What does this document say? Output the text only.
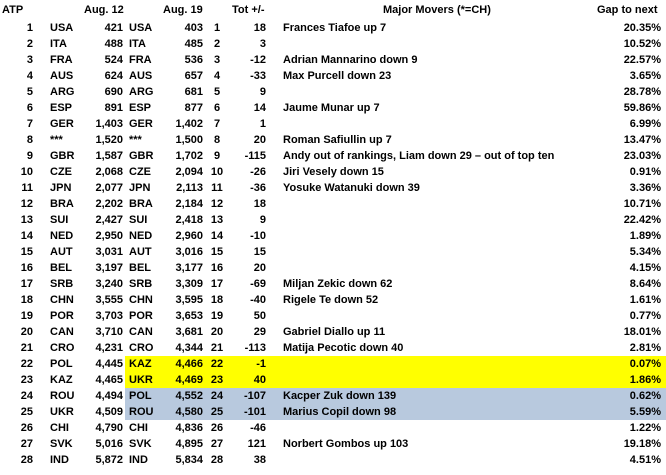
ATP	Aug. 12	Aug. 19	Tot +/-	Major Movers (*=CH)	Gap to next
1 USA	421 USA	403 1	18 Frances Tiafoe up 7	20.35%
2 ITA	488 ITA	485 2	3	10.52%
3 FRA	524 FRA	536 3	-12 Adrian Mannarino down 9	22.57%
4 AUS	624 AUS	657 4	-33 Max Purcell down 23	3.65%
5 ARG	690 ARG	681 5	9	28.78%
6 ESP	891 ESP	877 6	14 Jaume Munar up 7	59.86%
7 GER	1,403 GER	1,402 7	1	6.99%
8 ***	1,520 ***	1,500 8	20 Roman Safiullin up 7	13.47%
9 GBR	1,587 GBR	1,702 9	-115 Andy out of rankings, Liam down 29 – out of top ten	23.03%
10 CZE	2,068 CZE	2,094 10	-26 Jiri Vesely down 15	0.91%
11 JPN	2,077 JPN	2,113 11	-36 Yosuke Watanuki down 39	3.36%
12 BRA	2,202 BRA	2,184 12	18	10.71%
13 SUI	2,427 SUI	2,418 13	9	22.42%
14 NED	2,950 NED	2,960 14	-10	1.89%
15 AUT	3,031 AUT	3,016 15	15	5.34%
16 BEL	3,197 BEL	3,177 16	20	4.15%
17 SRB	3,240 SRB	3,309 17	-69 Miljan Zekic down 62	8.64%
18 CHN	3,555 CHN	3,595 18	-40 Rigele Te down 52	1.61%
19 POR	3,703 POR	3,653 19	50	0.77%
20 CAN	3,710 CAN	3,681 20	29 Gabriel Diallo up 11	18.01%
21 CRO	4,231 CRO	4,344 21	-113 Matija Pecotic down 40	2.81%
22 POL	4,445 KAZ	4,466 22	-1	0.07%
23 KAZ	4,465 UKR	4,469 23	40	1.86%
24 ROU	4,494 POL	4,552 24	-107 Kacper Zuk down 139	0.62%
25 UKR	4,509 ROU	4,580 25	-101 Marius Copil down 98	5.59%
26 CHI	4,790 CHI	4,836 26	-46	1.22%
27 SVK	5,016 SVK	4,895 27	121 Norbert Gombos up 103	19.18%
28 IND	5,872 IND	5,834 28	38	4.51%
